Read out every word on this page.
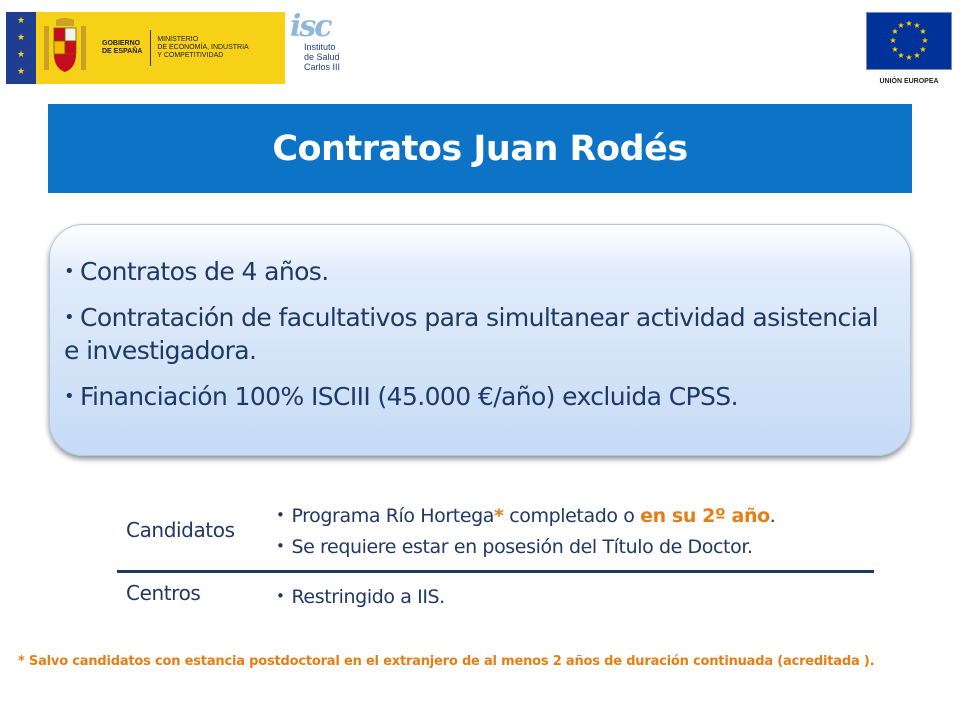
★
★
★
★
GOBIERNO
DE ESPAÑA
MINISTERIO
DE ECONOMÍA, INDUSTRIA
Y COMPETITIVIDAD
isc
Instituto
de Salud
Carlos III
★ ★
★
★
★
★
★
★
★
★
★
★
UNIÓN EUROPEA
Contratos Juan Rodés
• Contratos de 4 años.
• Contratación de facultativos para simultanear actividad asistencial e investigadora.
• Financiación 100% ISCIII (45.000 €/año) excluida CPSS.
Candidatos
• Programa Río Hortega* completado o en su 2º año.
• Se requiere estar en posesión del Título de Doctor.
Centros	• Restringido a IIS.
* Salvo candidatos con estancia postdoctoral en el extranjero de al menos 2 años de duración continuada (acreditada ).
